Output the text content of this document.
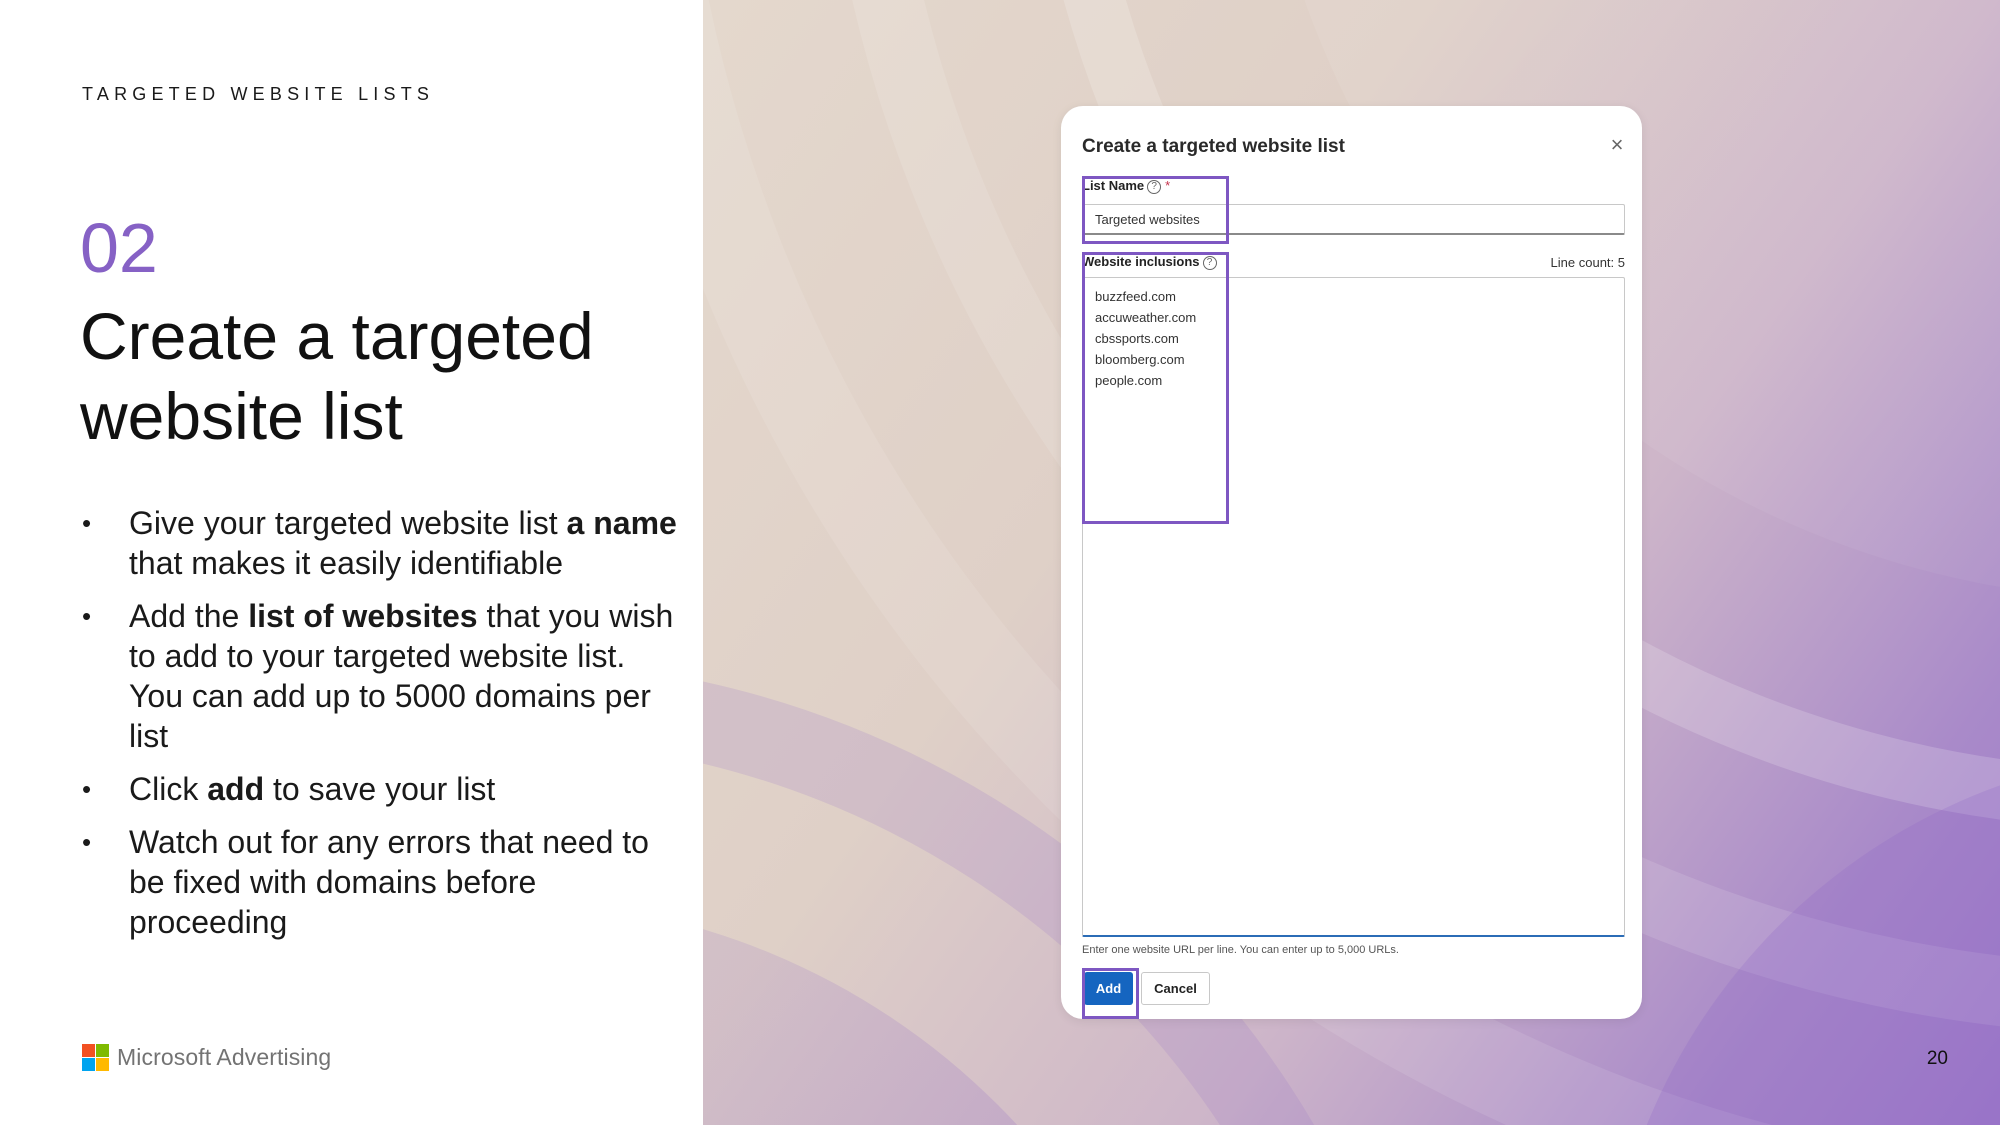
TARGETED WEBSITE LISTS
02
Create a targeted website list
• Give your targeted website list a name that makes it easily identifiable
• Add the list of websites that you wish to add to your targeted website list. You can add up to 5000 domains per list
• Click add to save your list
• Watch out for any errors that need to be fixed with domains before proceeding
Microsoft Advertising	20
Create a targeted website list	×
List Name ? *
Targeted websites
Website inclusions ?	Line count: 5
buzzfeed.com accuweather.com cbssports.com bloomberg.com people.com
Enter one website URL per line. You can enter up to 5,000 URLs.
Add	Cancel
